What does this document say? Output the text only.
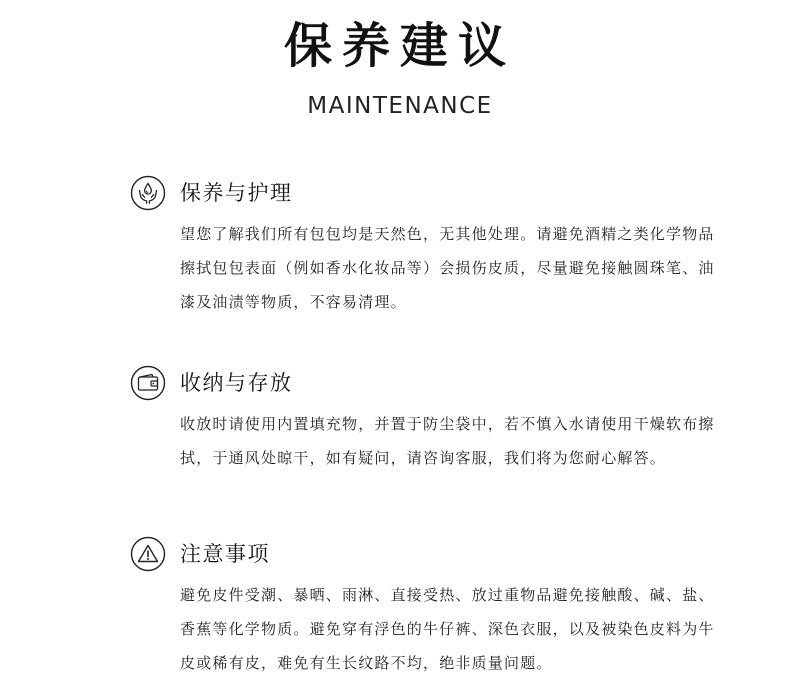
保养建议
MAINTENANCE
保养与护理
望您了解我们所有包包均是天然色，无其他处理。请避免酒精之类化学物品
擦拭包包表面（例如香水化妆品等）会损伤皮质，尽量避免接触圆珠笔、油
漆及油渍等物质，不容易清理。
收纳与存放
收放时请使用内置填充物，并置于防尘袋中，若不慎入水请使用干燥软布擦
拭，于通风处晾干，如有疑问，请咨询客服，我们将为您耐心解答。
注意事项
避免皮件受潮、暴晒、雨淋、直接受热、放过重物品避免接触酸、碱、盐、
香蕉等化学物质。避免穿有浮色的牛仔裤、深色衣服，以及被染色皮料为牛
皮或稀有皮，难免有生长纹路不均，绝非质量问题。
